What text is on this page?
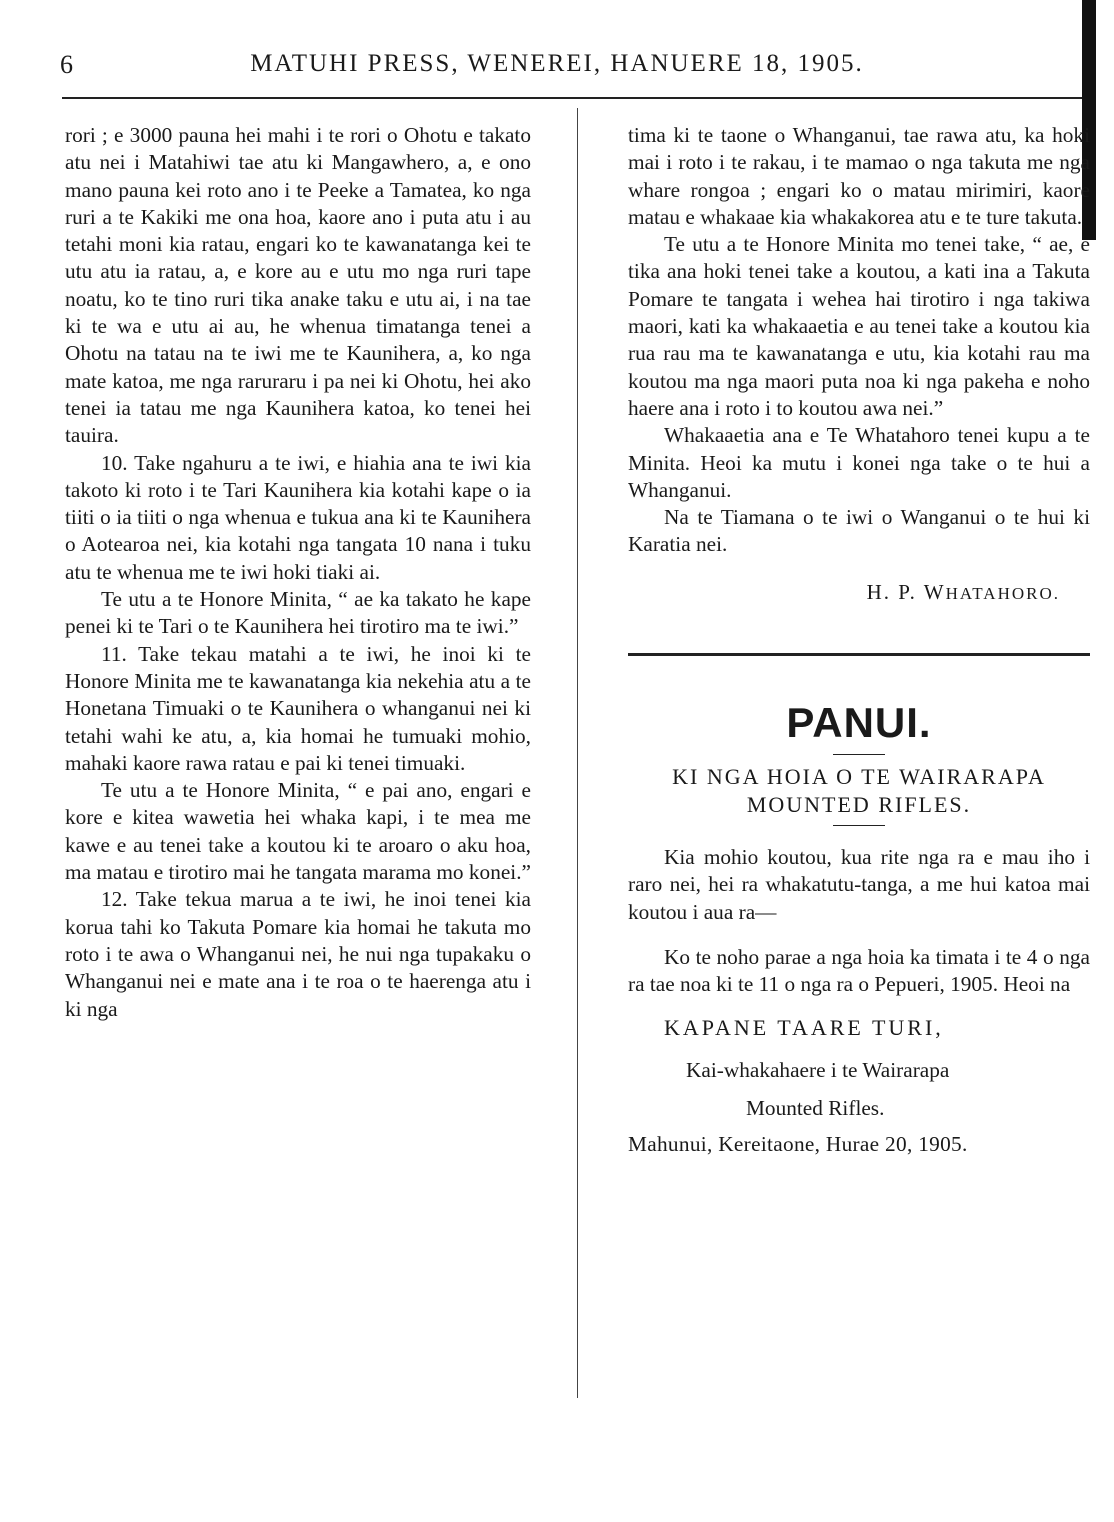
6	MATUHI PRESS, WENEREI, HANUERE 18, 1905.

rori ; e 3000 pauna hei mahi i te rori o Ohotu e takato atu nei i Matahiwi tae atu ki Mangawhero, a, e ono mano pauna kei roto ano i te Peeke a Tamatea, ko nga ruri a te Kakiki me ona hoa, kaore ano i puta atu i au tetahi moni kia ratau, engari ko te kawanatanga kei te utu atu ia ratau, a, e kore au e utu mo nga ruri tape noatu, ko te tino ruri tika anake taku e utu ai, i na tae ki te wa e utu ai au, he whenua timatanga tenei a Ohotu na tatau na te iwi me te Kaunihera, a, ko nga mate katoa, me nga raruraru i pa nei ki Ohotu, hei ako tenei ia tatau me nga Kaunihera katoa, ko tenei hei tauira.

10. Take ngahuru a te iwi, e hiahia ana te iwi kia takoto ki roto i te Tari Kaunihera kia kotahi kape o ia tiiti o ia tiiti o nga whenua e tukua ana ki te Kaunihera o Aotearoa nei, kia kotahi nga tangata 10 nana i tuku atu te whenua me te iwi hoki tiaki ai.

Te utu a te Honore Minita, “ ae ka takato he kape penei ki te Tari o te Kaunihera hei tirotiro ma te iwi.”

11. Take tekau matahi a te iwi, he inoi ki te Honore Minita me te kawanatanga kia nekehia atu a te Honetana Timuaki o te Kaunihera o whanganui nei ki tetahi wahi ke atu, a, kia homai he tumuaki mohio, mahaki kaore rawa ratau e pai ki tenei timuaki.

Te utu a te Honore Minita, “ e pai ano, engari e kore e kitea wawetia hei whaka kapi, i te mea me kawe e au tenei take a koutou ki te aroaro o aku hoa, ma matau e tirotiro mai he tangata marama mo konei.”

12. Take tekua marua a te iwi, he inoi tenei kia korua tahi ko Takuta Pomare kia homai he takuta mo roto i te awa o Whanganui nei, he nui nga tupakaku o Whanganui nei e mate ana i te roa o te haerenga atu i ki nga

tima ki te taone o Whanganui, tae rawa atu, ka hoki mai i roto i te rakau, i te mamao o nga takuta me nga whare rongoa ; engari ko o matau mirimiri, kaore matau e whakaae kia whakakorea atu e te ture takuta.

Te utu a te Honore Minita mo tenei take, “ ae, e tika ana hoki tenei take a koutou, a kati ina a Takuta Pomare te tangata i wehea hai tirotiro i nga takiwa maori, kati ka whakaaetia e au tenei take a koutou kia rua rau ma te kawanatanga e utu, kia kotahi rau ma koutou ma nga maori puta noa ki nga pakeha e noho haere ana i roto i to koutou awa nei.”

Whakaaetia ana e Te Whatahoro tenei kupu a te Minita. Heoi ka mutu i konei nga take o te hui a Whanganui.

Na te Tiamana o te iwi o Wanganui o te hui ki Karatia nei.

H. P. WHATAHORO.
PANUI.
KI NGA HOIA O TE WAIRARAPA
MOUNTED RIFLES.

Kia mohio koutou, kua rite nga ra e mau iho i raro nei, hei ra whakatutu-tanga, a me hui katoa mai koutou i aua ra—

Ko te noho parae a nga hoia ka timata i te 4 o nga ra tae noa ki te 11 o nga ra o Pepueri, 1905. Heoi na

KAPANE TAARE TURI,
Kai-whakahaere i te Wairarapa
Mounted Rifles.
Mahunui, Kereitaone, Hurae 20, 1905.
